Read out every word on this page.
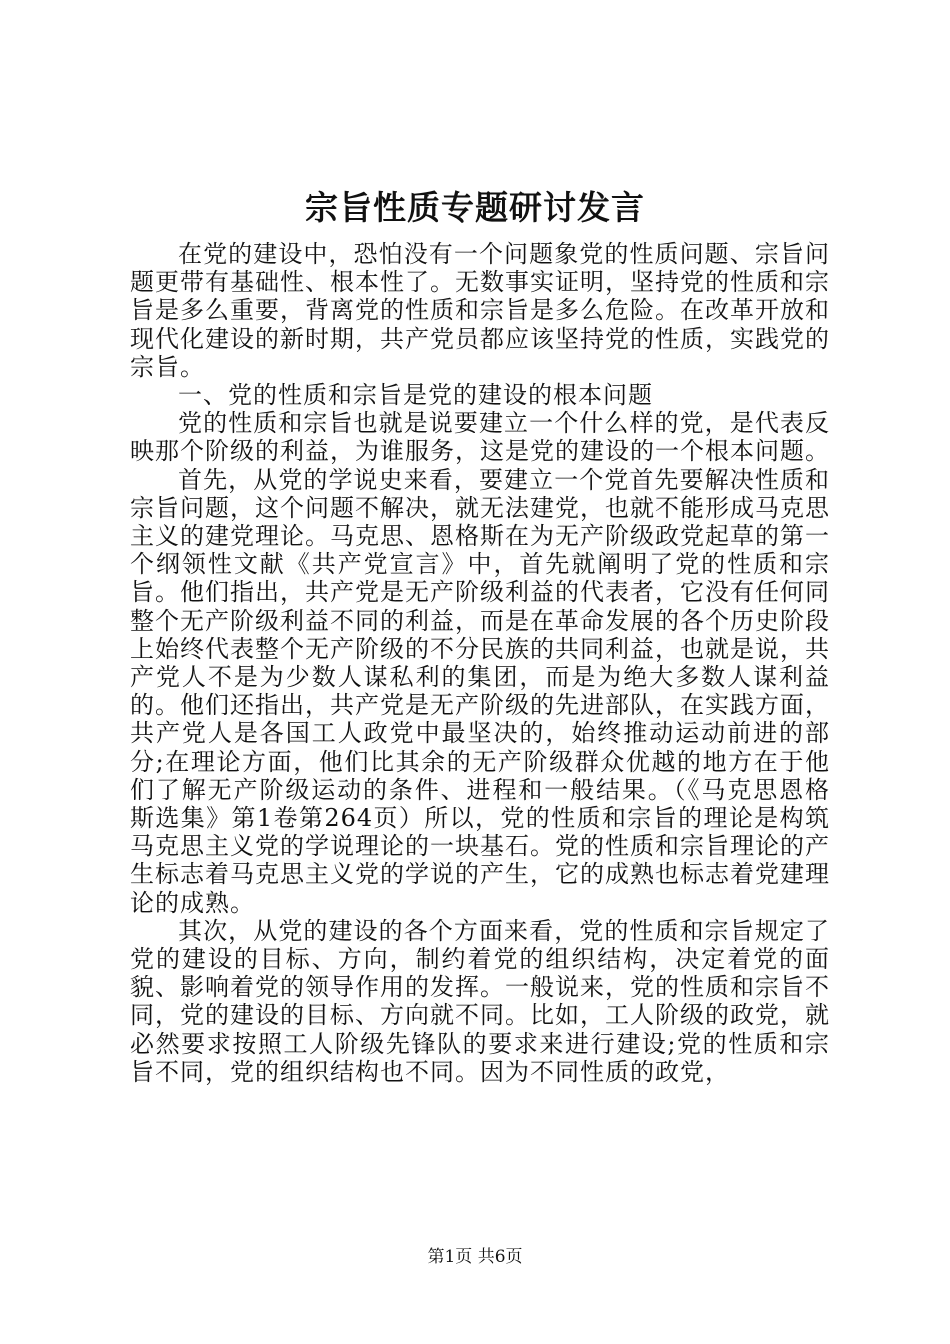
宗旨性质专题研讨发言

在党的建设中，恐怕没有一个问题象党的性质问题、宗旨问题更带有基础性、根本性了。无数事实证明，坚持党的性质和宗旨是多么重要，背离党的性质和宗旨是多么危险。在改革开放和现代化建设的新时期，共产党员都应该坚持党的性质，实践党的宗旨。

一、党的性质和宗旨是党的建设的根本问题

党的性质和宗旨也就是说要建立一个什么样的党，是代表反映那个阶级的利益，为谁服务，这是党的建设的一个根本问题。

首先，从党的学说史来看，要建立一个党首先要解决性质和宗旨问题，这个问题不解决，就无法建党，也就不能形成马克思主义的建党理论。马克思、恩格斯在为无产阶级政党起草的第一个纲领性文献《共产党宣言》中，首先就阐明了党的性质和宗旨。他们指出，共产党是无产阶级利益的代表者，它没有任何同整个无产阶级利益不同的利益，而是在革命发展的各个历史阶段上始终代表整个无产阶级的不分民族的共同利益，也就是说，共产党人不是为少数人谋私利的集团，而是为绝大多数人谋利益的。他们还指出，共产党是无产阶级的先进部队，在实践方面，共产党人是各国工人政党中最坚决的，始终推动运动前进的部分;在理论方面，他们比其余的无产阶级群众优越的地方在于他们了解无产阶级运动的条件、进程和一般结果。（《马克思恩格斯选集》第1卷第264页）所以，党的性质和宗旨的理论是构筑马克思主义党的学说理论的一块基石。党的性质和宗旨理论的产生标志着马克思主义党的学说的产生，它的成熟也标志着党建理论的成熟。

其次，从党的建设的各个方面来看，党的性质和宗旨规定了党的建设的目标、方向，制约着党的组织结构，决定着党的面貌、影响着党的领导作用的发挥。一般说来，党的性质和宗旨不同，党的建设的目标、方向就不同。比如，工人阶级的政党，就必然要求按照工人阶级先锋队的要求来进行建设;党的性质和宗旨不同，党的组织结构也不同。因为不同性质的政党，

第1页 共6页
